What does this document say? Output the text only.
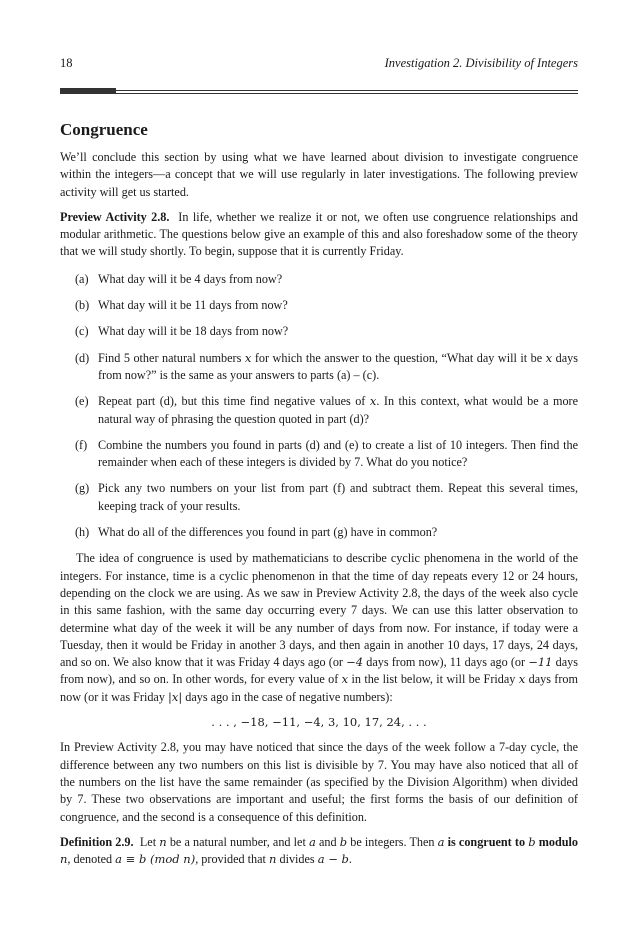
18	Investigation 2. Divisibility of Integers
Congruence

We’ll conclude this section by using what we have learned about division to investigate congruence within the integers—a concept that we will use regularly in later investigations. The following preview activity will get us started.

Preview Activity 2.8. In life, whether we realize it or not, we often use congruence relationships and modular arithmetic. The questions below give an example of this and also foreshadow some of the theory that we will study shortly. To begin, suppose that it is currently Friday.

(a) What day will it be 4 days from now?
(b) What day will it be 11 days from now?
(c) What day will it be 18 days from now?
(d) Find 5 other natural numbers x for which the answer to the question, “What day will it be x days from now?” is the same as your answers to parts (a) – (c).
(e) Repeat part (d), but this time find negative values of x. In this context, what would be a more natural way of phrasing the question quoted in part (d)?
(f) Combine the numbers you found in parts (d) and (e) to create a list of 10 integers. Then find the remainder when each of these integers is divided by 7. What do you notice?
(g) Pick any two numbers on your list from part (f) and subtract them. Repeat this several times, keeping track of your results.
(h) What do all of the differences you found in part (g) have in common?

The idea of congruence is used by mathematicians to describe cyclic phenomena in the world of the integers. For instance, time is a cyclic phenomenon in that the time of day repeats every 12 or 24 hours, depending on the clock we are using. As we saw in Preview Activity 2.8, the days of the week also cycle in this same fashion, with the same day occurring every 7 days. We can use this latter observation to determine what day of the week it will be any number of days from now. For instance, if today were a Tuesday, then it would be Friday in another 3 days, and then again in another 10 days, 17 days, 24 days, and so on. We also know that it was Friday 4 days ago (or −4 days from now), 11 days ago (or −11 days from now), and so on. In other words, for every value of x in the list below, it will be Friday x days from now (or it was Friday |x| days ago in the case of negative numbers):

. . . , −18, −11, −4, 3, 10, 17, 24, . . .

In Preview Activity 2.8, you may have noticed that since the days of the week follow a 7-day cycle, the difference between any two numbers on this list is divisible by 7. You may have also noticed that all of the numbers on the list have the same remainder (as specified by the Division Algorithm) when divided by 7. These two observations are important and useful; the first forms the basis of our definition of congruence, and the second is a consequence of this definition.

Definition 2.9. Let n be a natural number, and let a and b be integers. Then a is congruent to b modulo n, denoted a ≡ b (mod n), provided that n divides a − b.
